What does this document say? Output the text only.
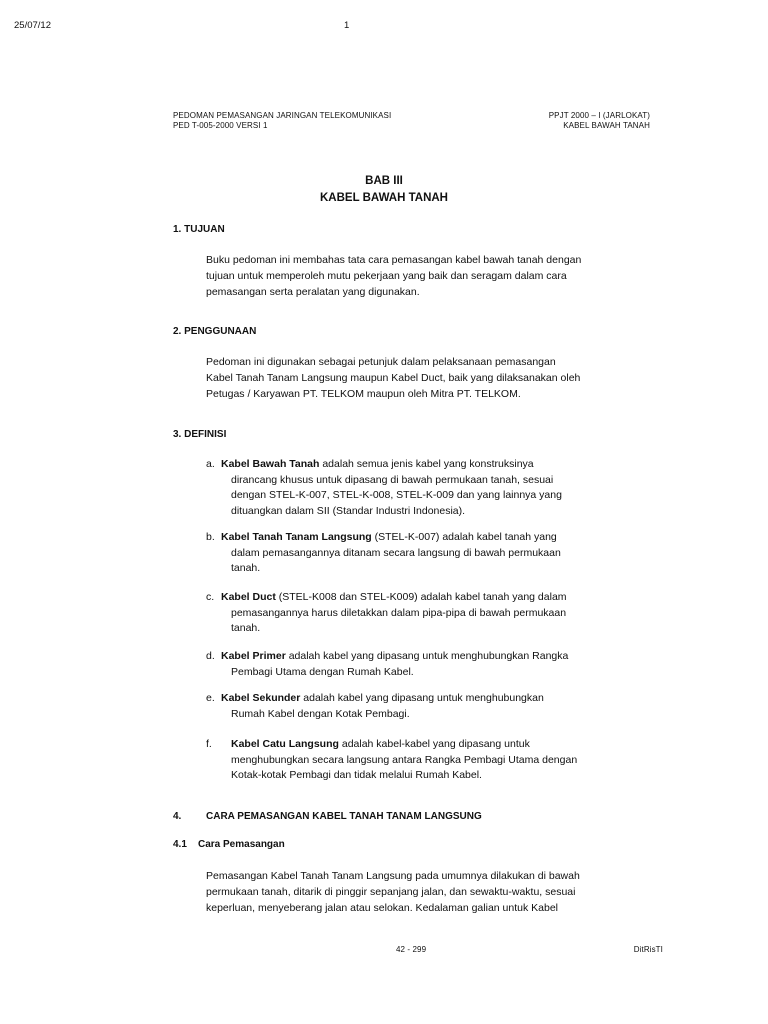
25/07/12	1
PEDOMAN PEMASANGAN JARINGAN TELEKOMUNIKASI
PED T-005-2000 VERSI 1
PPJT 2000 – I (JARLOKAT)
KABEL BAWAH TANAH
BAB III
KABEL BAWAH TANAH
1. TUJUAN
Buku pedoman ini membahas tata cara pemasangan kabel bawah tanah dengan
tujuan untuk memperoleh mutu pekerjaan yang baik dan seragam dalam cara
pemasangan serta peralatan yang digunakan.
2. PENGGUNAAN
Pedoman ini digunakan sebagai petunjuk dalam pelaksanaan pemasangan
Kabel Tanah Tanam Langsung maupun Kabel Duct, baik yang dilaksanakan oleh
Petugas / Karyawan PT. TELKOM maupun oleh Mitra PT. TELKOM.
3. DEFINISI
a. Kabel Bawah Tanah adalah semua jenis kabel yang konstruksinya
dirancang khusus untuk dipasang di bawah permukaan tanah, sesuai
dengan STEL-K-007, STEL-K-008, STEL-K-009 dan yang lainnya yang
dituangkan dalam SII (Standar Industri Indonesia).
b. Kabel Tanah Tanam Langsung (STEL-K-007) adalah kabel tanah yang
dalam pemasangannya ditanam secara langsung di bawah permukaan
tanah.
c. Kabel Duct (STEL-K008 dan STEL-K009) adalah kabel tanah yang dalam
pemasangannya harus diletakkan dalam pipa-pipa di bawah permukaan
tanah.
d. Kabel Primer adalah kabel yang dipasang untuk menghubungkan Rangka
Pembagi Utama dengan Rumah Kabel.
e. Kabel Sekunder adalah kabel yang dipasang untuk menghubungkan
Rumah Kabel dengan Kotak Pembagi.
f. Kabel Catu Langsung adalah kabel-kabel yang dipasang untuk
menghubungkan secara langsung antara Rangka Pembagi Utama dengan
Kotak-kotak Pembagi dan tidak melalui Rumah Kabel.
4. CARA PEMASANGAN KABEL TANAH TANAM LANGSUNG
4.1 Cara Pemasangan
Pemasangan Kabel Tanah Tanam Langsung pada umumnya dilakukan di bawah
permukaan tanah, ditarik di pinggir sepanjang jalan, dan sewaktu-waktu, sesuai
keperluan, menyeberang jalan atau selokan. Kedalaman galian untuk Kabel
42 - 299	DitRisTI
